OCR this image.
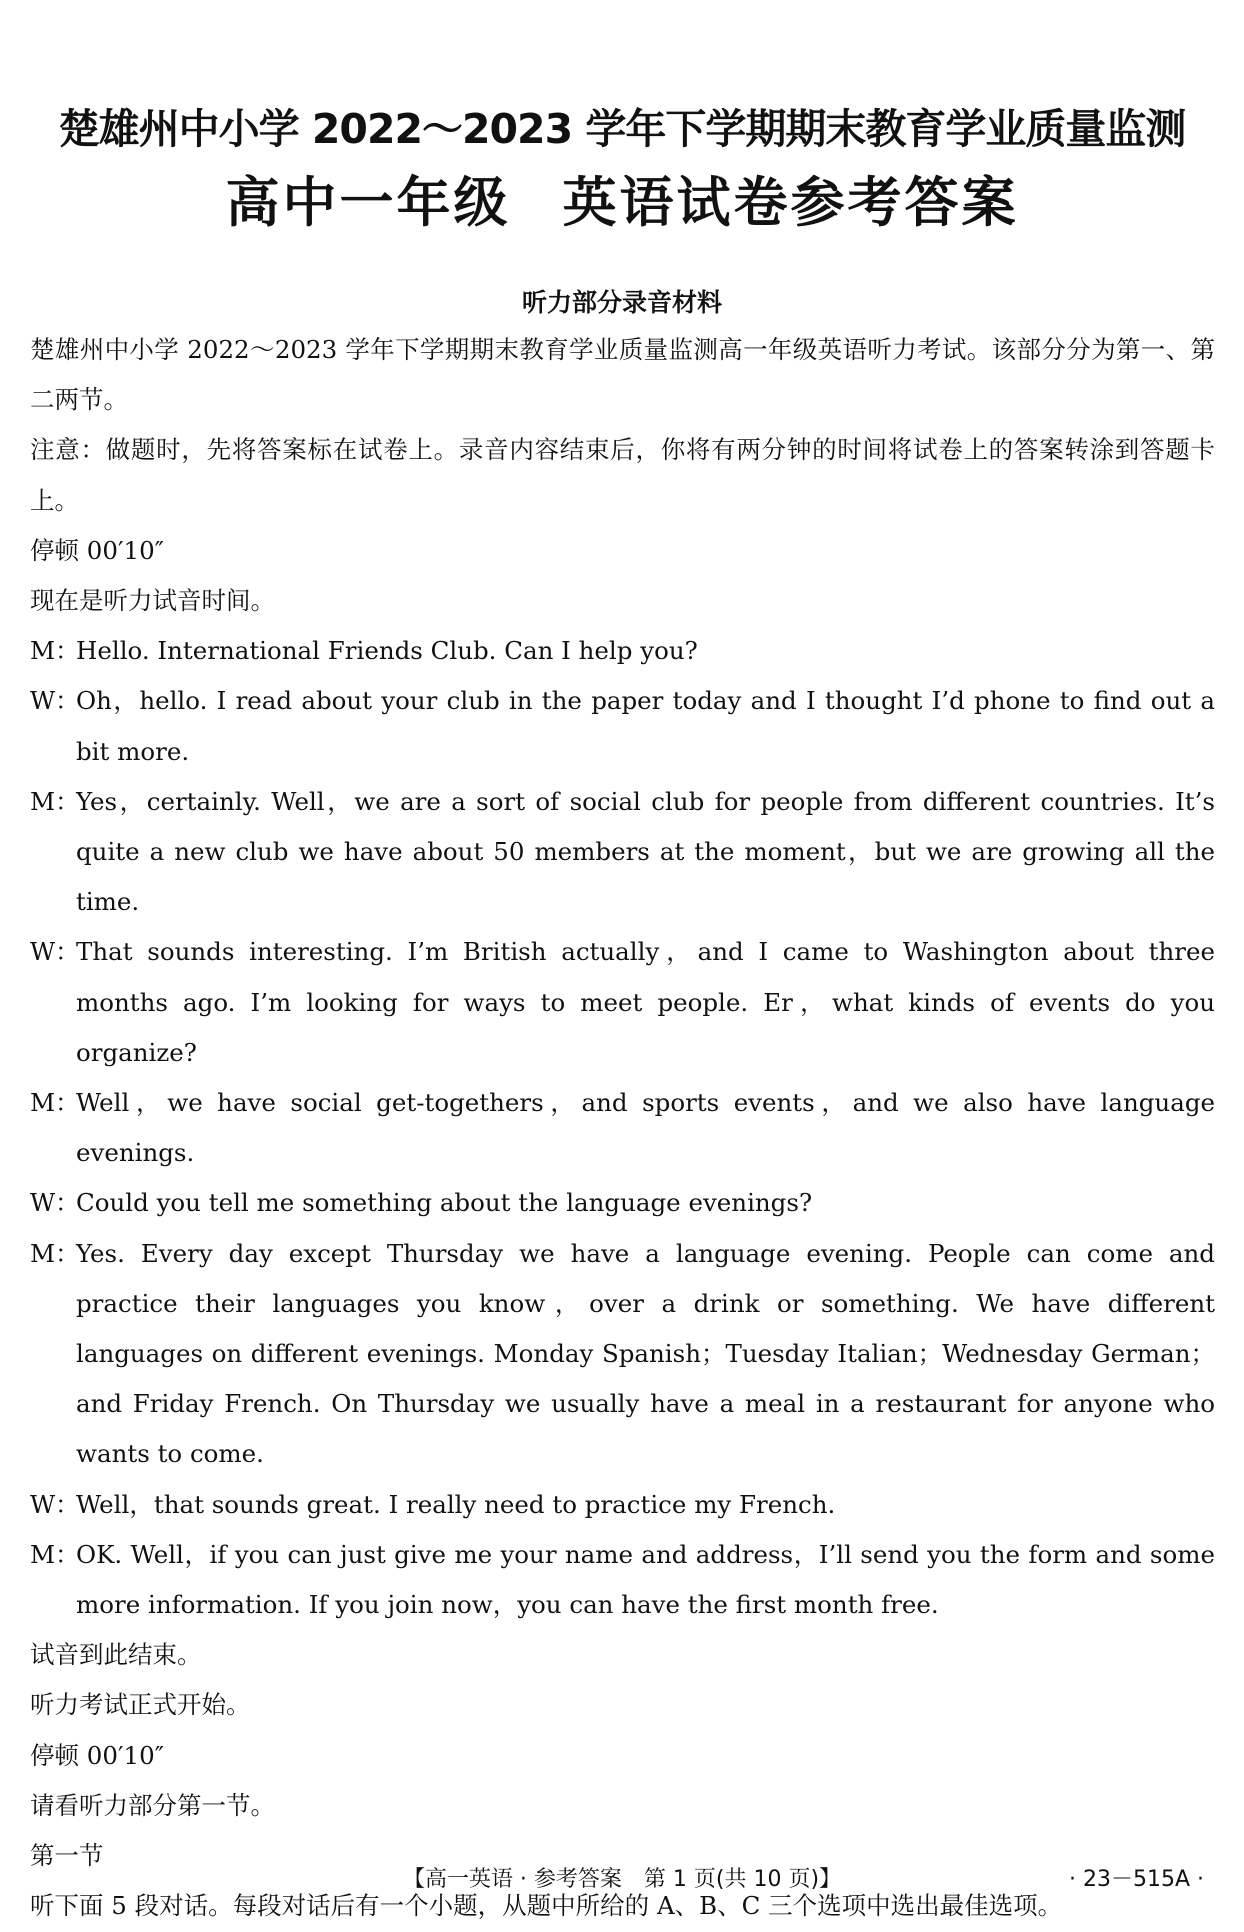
楚雄州中小学 2022～2023 学年下学期期末教育学业质量监测
高中一年级 英语试卷参考答案
听力部分录音材料

楚雄州中小学 2022～2023 学年下学期期末教育学业质量监测高一年级英语听力考试。该部分分为第一、第二两节。

注意：做题时，先将答案标在试卷上。录音内容结束后，你将有两分钟的时间将试卷上的答案转涂到答题卡上。

停顿 00′10″

现在是听力试音时间。

M：Hello. International Friends Club. Can I help you?

W：Oh，hello. I read about your club in the paper today and I thought I’d phone to find out a bit more.

M：Yes，certainly. Well，we are a sort of social club for people from different countries. It’s quite a new club we have about 50 members at the moment，but we are growing all the time.

W：That sounds interesting. I’m British actually，and I came to Washington about three months ago. I’m looking for ways to meet people. Er，what kinds of events do you organize?

M：Well，we have social get-togethers，and sports events，and we also have language evenings.

W：Could you tell me something about the language evenings?

M：Yes. Every day except Thursday we have a language evening. People can come and practice their languages you know，over a drink or something. We have different languages on different evenings. Monday Spanish；Tuesday Italian；Wednesday German；and Friday French. On Thursday we usually have a meal in a restaurant for anyone who wants to come.

W：Well，that sounds great. I really need to practice my French.

M：OK. Well，if you can just give me your name and address，I’ll send you the form and some more information. If you join now，you can have the first month free.

试音到此结束。

听力考试正式开始。

停顿 00′10″

请看听力部分第一节。

第一节

听下面 5 段对话。每段对话后有一个小题，从题中所给的 A、B、C 三个选项中选出最佳选项。

【高一英语 · 参考答案　第 1 页(共 10 页)】	· 23－515A ·
